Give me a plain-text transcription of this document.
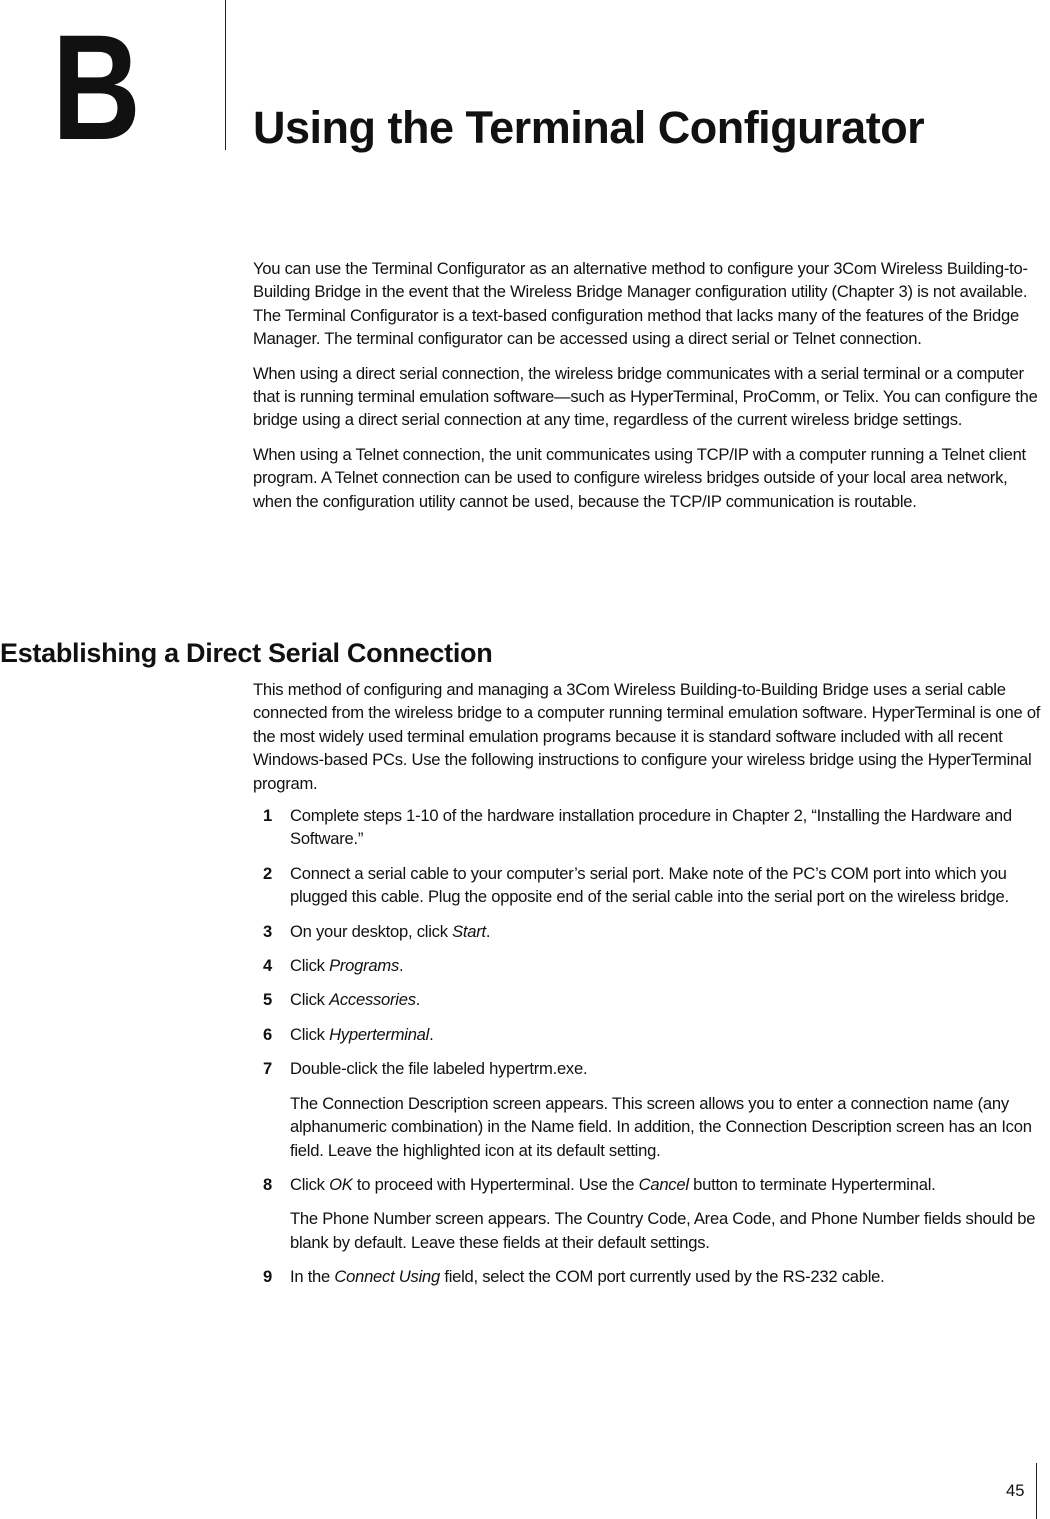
B Using the Terminal Configurator

You can use the Terminal Configurator as an alternative method to configure your 3Com Wireless Building-to-Building Bridge in the event that the Wireless Bridge Manager configuration utility (Chapter 3) is not available. The Terminal Configurator is a text-based configuration method that lacks many of the features of the Bridge Manager. The terminal configurator can be accessed using a direct serial or Telnet connection.

When using a direct serial connection, the wireless bridge communicates with a serial terminal or a computer that is running terminal emulation software—such as HyperTerminal, ProComm, or Telix. You can configure the bridge using a direct serial connection at any time, regardless of the current wireless bridge settings.

When using a Telnet connection, the unit communicates using TCP/IP with a computer running a Telnet client program. A Telnet connection can be used to configure wireless bridges outside of your local area network, when the configuration utility cannot be used, because the TCP/IP communication is routable.

Establishing a Direct Serial Connection

This method of configuring and managing a 3Com Wireless Building-to-Building Bridge uses a serial cable connected from the wireless bridge to a computer running terminal emulation software. HyperTerminal is one of the most widely used terminal emulation programs because it is standard software included with all recent Windows-based PCs. Use the following instructions to configure your wireless bridge using the HyperTerminal program.

1 Complete steps 1-10 of the hardware installation procedure in Chapter 2, “Installing the Hardware and Software.”
2 Connect a serial cable to your computer’s serial port. Make note of the PC’s COM port into which you plugged this cable. Plug the opposite end of the serial cable into the serial port on the wireless bridge.
3 On your desktop, click Start.
4 Click Programs.
5 Click Accessories.
6 Click Hyperterminal.
7 Double-click the file labeled hypertrm.exe.
The Connection Description screen appears. This screen allows you to enter a connection name (any alphanumeric combination) in the Name field. In addition, the Connection Description screen has an Icon field. Leave the highlighted icon at its default setting.
8 Click OK to proceed with Hyperterminal. Use the Cancel button to terminate Hyperterminal.
The Phone Number screen appears. The Country Code, Area Code, and Phone Number fields should be blank by default. Leave these fields at their default settings.
9 In the Connect Using field, select the COM port currently used by the RS-232 cable.
45
